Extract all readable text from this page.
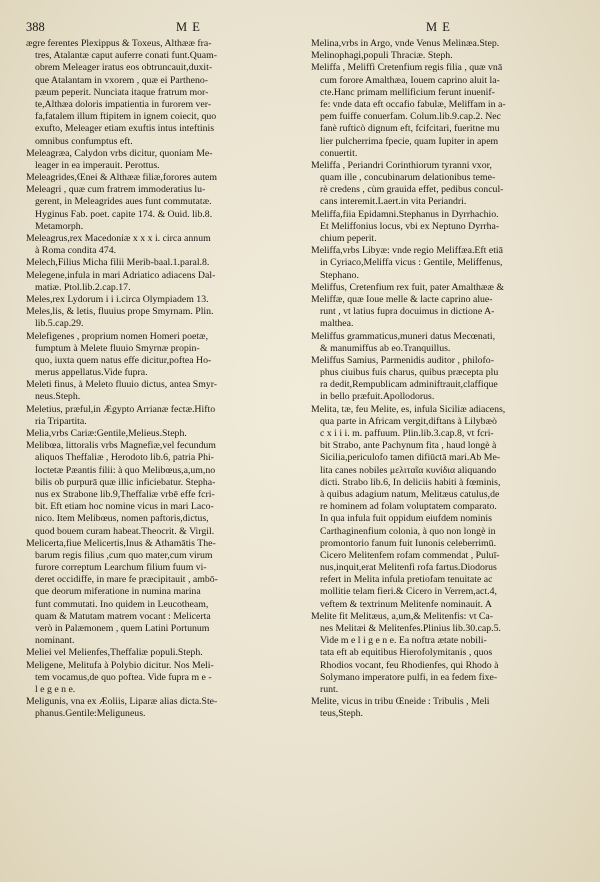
388	M E	M E
ægre ferentes Plexippus & Toxeus, Althææ fra-
tres, Atalantæ caput auferre conati funt.Quam-
obrem Meleager iratus eos obtruncauit,duxit-
que Atalantam in vxorem , quæ ei Partheno-
pæum peperit. Nunciata itaque fratrum mor-
te,Althæa doloris impatientia in furorem ver-
fa,fatalem illum ftipitem in ignem coiecit, quo
exufto, Meleager etiam exuftis intus inteftinis
omnibus confumptus eft.
Meleagræa, Calydon vrbs dicitur, quoniam Me-
leager in ea imperauit. Perottus.
Meleagrides,Œnei & Althææ filiæ,forores autem
Meleagri , quæ cum fratrem immoderatius lu-
gerent, in Meleagrides aues funt commutatæ.
Hyginus Fab. poet. capite 174. & Ouid. lib.8.
Metamorph.
Meleagrus,rex Macedoniæ x x x i. circa annum
à Roma condita 474.
Melech,Filius Micha filii Merib-baal.1.paral.8.
Melegene,infula in mari Adriatico adiacens Dal-
matiæ. Ptol.lib.2.cap.17.
Meles,rex Lydorum i i i.circa Olympiadem 13.
Meles,lis, & letis, fluuius prope Smyrnam. Plin.
lib.5.cap.29.
Melefigenes , proprium nomen Homeri poetæ,
fumptum à Melete fluuio Smyrnæ propin-
quo, iuxta quem natus effe dicitur,poftea Ho-
merus appellatus.Vide fupra.
Meleti finus, à Meleto fluuio dictus, antea Smyr-
neus.Steph.
Meletius, præful,in Ægypto Arrianæ fectæ.Hifto
ria Tripartita.
Melia,vrbs Cariæ:Gentile,Melieus.Steph.
Melibœa, littoralis vrbs Magnefiæ,vel fecundum
aliquos Theffaliæ , Herodoto lib.6, patria Phi-
loctetæ Pæantis filii: à quo Melibœus,a,um,no
bilis ob purpurā quæ illic inficiebatur. Stepha-
nus ex Strabone lib.9,Theffaliæ vrbē effe fcri-
bit. Eft etiam hoc nomine vicus in mari Laco-
nico. Item Melibœus, nomen paftoris,dictus,
quod bouem curam habeat.Theocrit. & Virgil.
Melicerta,fiue Melicertis,Inus & Athamātis The-
barum regis filius ,cum quo mater,cum virum
furore correptum Learchum filium fuum vi-
deret occidiffe, in mare fe præcipitauit , ambō-
que deorum miferatione in numina marina
funt commutati. Ino quidem in Leucotheam,
quam & Matutam matrem vocant : Melicerta
verò in Palæmonem , quem Latini Portunum
nominant.
Meliei vel Melienfes,Theffaliæ populi.Steph.
Meligene, Melitufa à Polybio dicitur. Nos Meli-
tem vocamus,de quo poftea. Vide fupra m e -
l e g e n e.
Meligunis, vna ex Æoliis, Liparæ alias dicta.Ste-
phanus.Gentile:Meliguneus.
Melina,vrbs in Argo, vnde Venus Melinæa.Step.
Melinophagi,populi Thraciæ. Steph.
Meliffa , Meliffi Cretenfium regis filia , quæ vnā
cum forore Amalthæa, Iouem caprino aluit la-
cte.Hanc primam mellificium ferunt inuenif-
fe: vnde data eft occafio fabulæ, Meliffam in a-
pem fuiffe conuerfam. Colum.lib.9.cap.2. Nec
fanè rufticò dignum eft, fcifcitari, fueritne mu
lier pulcherrima fpecie, quam Iupiter in apem
conuertit.
Meliffa , Periandri Corinthiorum tyranni vxor,
quam ille , concubinarum delationibus teme-
rè credens , cùm grauida effet, pedibus concul-
cans interemit.Laert.in vita Periandri.
Meliffa,fiia Epidamni.Stephanus in Dyrrhachio.
Et Meliffonius locus, vbi ex Neptuno Dyrrha-
chium peperit.
Meliffa,vrbs Libyæ: vnde regio Meliffæa.Eft etiā
in Cyriaco,Meliffa vicus : Gentile, Meliffenus,
Stephano.
Meliffus, Cretenfium rex fuit, pater Amalthææ &
Meliffæ, quæ Ioue melle & lacte caprino alue-
runt , vt latius fupra docuimus in dictione A-
malthea.
Meliffus grammaticus,muneri datus Mecœnati,
& manumiffus ab eo.Tranquillus.
Meliffus Samius, Parmenidis auditor , philofo-
phus ciuibus fuis charus, quibus præcepta plu
ra dedit,Rempublicam adminiftrauit,claffique
in bello præfuit.Apollodorus.
Melita, tæ, feu Melite, es, infula Siciliæ adiacens,
qua parte in Africam vergit,diftans à Lilybæò
c x i i i. m. paffuum. Plin.lib.3.cap.8, vt fcri-
bit Strabo, ante Pachynum fita , haud longè à
Sicilia,periculofo tamen difiūctā mari.Ab Me-
lita canes nobiles μελιταῖα κυνίδια aliquando
dicti. Strabo lib.6, In deliciis habiti à fœminis,
à quibus adagium natum, Melitæus catulus,de
re hominem ad folam voluptatem comparato.
In qua infula fuit oppidum eiufdem nominis
Carthaginenfium colonia, à quo non longè in
promontorio fanum fuit Iunonis celeberrimū.
Cicero Melitenfem rofam commendat , Puluī-
nus,inquit,erat Melitenfi rofa fartus.Diodorus
refert in Melita infula pretiofam tenuitate ac
mollitie telam fieri.& Cicero in Verrem,act.4,
veftem & textrinum Melitenfe nominauit. A
Melite fit Melitæus, a,um,& Melitenfis: vt Ca-
nes Melitæi & Melitenfes.Plinius lib.30.cap.5.
Vide m e l i g e n e. Ea noftra ætate nobili-
tata eft ab equitibus Hierofolymitanis , quos
Rhodios vocant, feu Rhodienfes, qui Rhodo à
Solymano imperatore pulfi, in ea fedem fixe-
runt.
Melite, vicus in tribu Œneide : Tribulis , Meli
teus,Steph.
